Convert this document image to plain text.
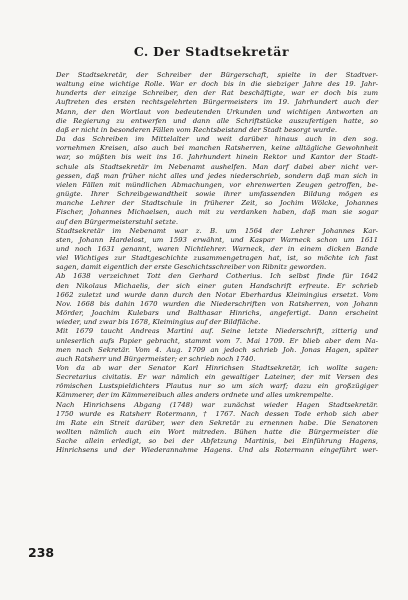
C. Der Stadtsekretär

Der Stadtsekretär, der Schreiber der Bürgerschaft, spielte in der Stadtver-
waltung eine wichtige Rolle. War er doch bis in die siebziger Jahre des 19. Jahr-
hunderts der einzige Schreiber, den der Rat beschäftigte, war er doch bis zum
Auftreten des ersten rechtsgelehrten Bürgermeisters im 19. Jahrhundert auch der
Mann, der den Wortlaut von bedeutenden Urkunden und wichtigen Antworten an
die Regierung zu entwerfen und dann alle Schriftstücke auszufertigen hatte, so
daß er nicht in besonderen Fällen vom Rechtsbeistand der Stadt besorgt wurde.

Da das Schreiben im Mittelalter und weit darüber hinaus auch in den sog.
vornehmen Kreisen, also auch bei manchen Ratsherren, keine alltägliche Gewohnheit
war, so müßten bis weit ins 16. Jahrhundert hinein Rektor und Kantor der Stadt-
schule als Stadtsekretär im Nebenamt aushelfen. Man darf dabei aber nicht ver-
gessen, daß man früher nicht alles und jedes niederschrieb, sondern daß man sich in
vielen Fällen mit mündlichen Abmachungen, vor ehrenwerten Zeugen getroffen, be-
gnügte. Ihrer Schreibgewandtheit sowie ihrer umfassenden Bildung mögen es
manche Lehrer der Stadtschule in früherer Zeit, so Jochim Wölcke, Johannes
Fischer, Johannes Michaelsen, auch mit zu verdanken haben, daß man sie sogar
auf den Bürgermeisterstuhl setzte.

Stadtsekretär im Nebenamt war z. B. um 1564 der Lehrer Johannes Kar-
sten, Johann Hardelost, um 1593 erwähnt, und Kaspar Warneck schon um 1611
und noch 1631 genannt, waren Nichtlehrer. Warneck, der in einem dicken Bande
viel Wichtiges zur Stadtgeschichte zusammengetragen hat, ist, so möchte ich fast
sagen, damit eigentlich der erste Geschichtsschreiber von Ribnitz geworden.

Ab 1638 verzeichnet Tott den Gerhard Cotherius. Ich selbst finde für 1642
den Nikolaus Michaelis, der sich einer guten Handschrift erfreute. Er schrieb
1662 zuletzt und wurde dann durch den Notar Eberhardus Kleimingius ersetzt. Vom
Nov. 1668 bis dahin 1670 wurden die Niederschriften von Ratsherren, von Johann
Mörder, Joachim Kulebars und Balthasar Hinrichs, angefertigt. Dann erscheint
wieder, und zwar bis 1678, Kleimingius auf der Bildfläche.

Mit 1679 taucht Andreas Martini auf. Seine letzte Niederschrift, zitterig und
unleserlich aufs Papier gebracht, stammt vom 7. Mai 1709. Er blieb aber dem Na-
men nach Sekretär. Vom 4. Aug. 1709 an jedoch schrieb Joh. Jonas Hagen, später
auch Ratsherr und Bürgermeister; er schrieb noch 1740.

Von da ab war der Senator Karl Hinrichsen Stadtsekretär, ich wollte sagen:
Secretarius civitatis. Er war nämlich ein gewaltiger Lateiner, der mit Versen des
römischen Lustspieldichters Plautus nur so um sich warf; dazu ein großzügiger
Kämmerer, der im Kämmereibuch alles anders ordnete und alles umkrempelte.

Nach Hinrichsens Abgang (1748) war zunächst wieder Hagen Stadtsekretär.
1750 wurde es Ratsherr Rotermann, † 1767. Nach dessen Tode erhob sich aber
im Rate ein Streit darüber, wer den Sekretär zu ernennen habe. Die Senatoren
wollten nämlich auch ein Wort mitreden. Bühen hatte die Bürgermeister die
Sache allein erledigt, so bei der Abfetzung Martinis, bei Einführung Hagens,
Hinrichsens und der Wiederannahme Hagens. Und als Rotermann eingeführt wer-

238
